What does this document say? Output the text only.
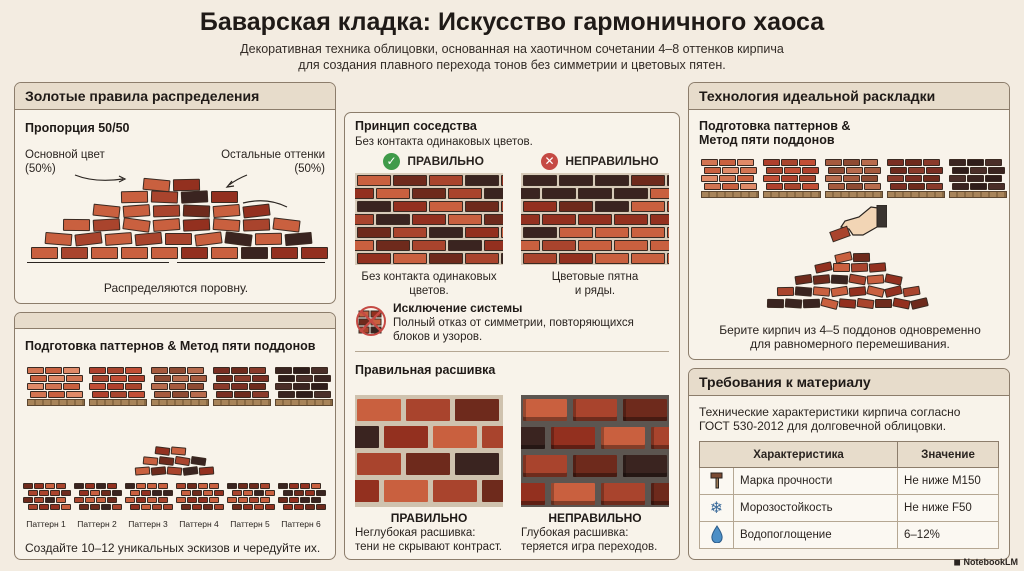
Баварская кладка: Искусство гармоничного хаоса
Декоративная техника облицовки, основанная на хаотичном сочетании 4–8 оттенков кирпича
для создания плавного перехода тонов без симметрии и цветовых пятен.
Золотые правила распределения
Пропорция 50/50
Основной цвет
(50%)
Остальные оттенки
(50%)
Распределяются поровну.
Подготовка паттернов & Метод пяти поддонов
Паттерн 1	Паттерн 2	Паттерн 3	Паттерн 4	Паттерн 5	Паттерн 6
Создайте 10–12 уникальных эскизов и чередуйте их.
Принцип соседства
Без контакта одинаковых цветов.
✓ ПРАВИЛЬНО	✕ НЕПРАВИЛЬНО
Без контакта одинаковых
цветов.
Цветовые пятна
и ряды.
Исключение системы
Полный отказ от симметрии, повторяющихся
блоков и узоров.
Правильная расшивка
ПРАВИЛЬНО	НЕПРАВИЛЬНО
Неглубокая расшивка:
тени не скрывают контраст.
Глубокая расшивка:
теряется игра переходов.
Технология идеальной раскладки
Подготовка паттернов &
Метод пяти поддонов
Берите кирпич из 4–5 поддонов одновременно
для равномерного перемешивания.
Требования к материалу
Технические характеристики кирпича согласно
ГОСТ 530-2012 для долговечной облицовки.
Характеристика		Значение
	Марка прочности	Не ниже М150
❄	Морозостойкость	Не ниже F50
	Водопоглощение	6–12%
◼ NotebookLM
